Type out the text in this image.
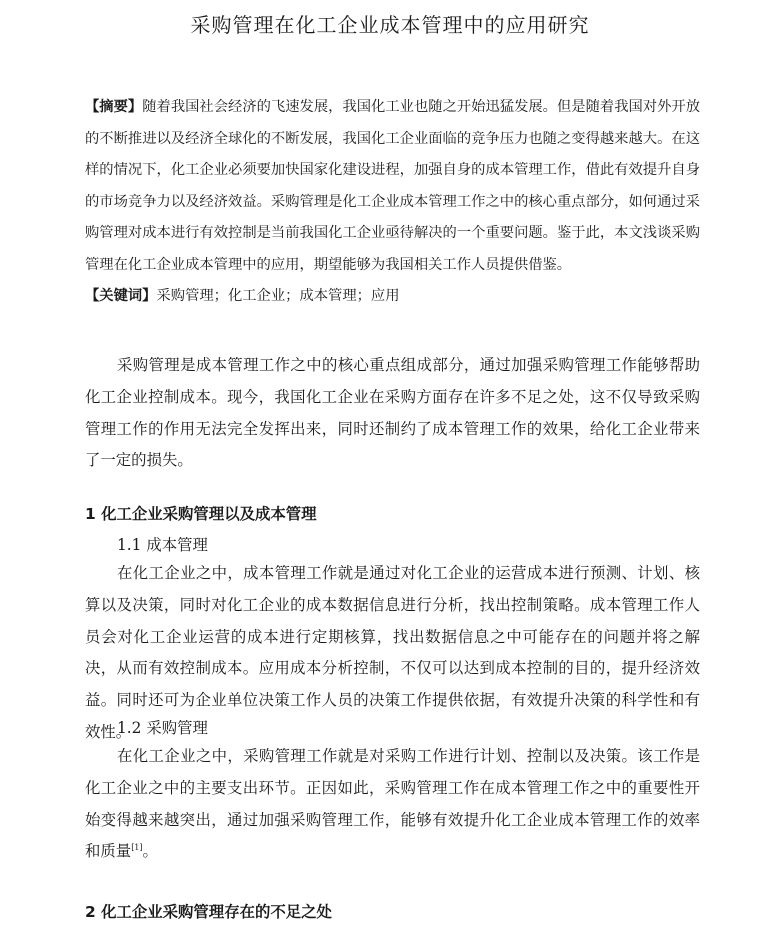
采购管理在化工企业成本管理中的应用研究

【摘要】随着我国社会经济的飞速发展，我国化工业也随之开始迅猛发展。但是随着我国对外开放的不断推进以及经济全球化的不断发展，我国化工企业面临的竞争压力也随之变得越来越大。在这样的情况下，化工企业必须要加快国家化建设进程，加强自身的成本管理工作，借此有效提升自身的市场竞争力以及经济效益。采购管理是化工企业成本管理工作之中的核心重点部分，如何通过采购管理对成本进行有效控制是当前我国化工企业亟待解决的一个重要问题。鉴于此，本文浅谈采购管理在化工企业成本管理中的应用，期望能够为我国相关工作人员提供借鉴。

【关键词】采购管理；化工企业；成本管理；应用

采购管理是成本管理工作之中的核心重点组成部分，通过加强采购管理工作能够帮助化工企业控制成本。现今，我国化工企业在采购方面存在许多不足之处，这不仅导致采购管理工作的作用无法完全发挥出来，同时还制约了成本管理工作的效果，给化工企业带来了一定的损失。

1 化工企业采购管理以及成本管理

1.1 成本管理

在化工企业之中，成本管理工作就是通过对化工企业的运营成本进行预测、计划、核算以及决策，同时对化工企业的成本数据信息进行分析，找出控制策略。成本管理工作人员会对化工企业运营的成本进行定期核算，找出数据信息之中可能存在的问题并将之解决，从而有效控制成本。应用成本分析控制，不仅可以达到成本控制的目的，提升经济效益。同时还可为企业单位决策工作人员的决策工作提供依据，有效提升决策的科学性和有效性。

1.2 采购管理

在化工企业之中，采购管理工作就是对采购工作进行计划、控制以及决策。该工作是化工企业之中的主要支出环节。正因如此，采购管理工作在成本管理工作之中的重要性开始变得越来越突出，通过加强采购管理工作，能够有效提升化工企业成本管理工作的效率和质量[1]。

2 化工企业采购管理存在的不足之处
